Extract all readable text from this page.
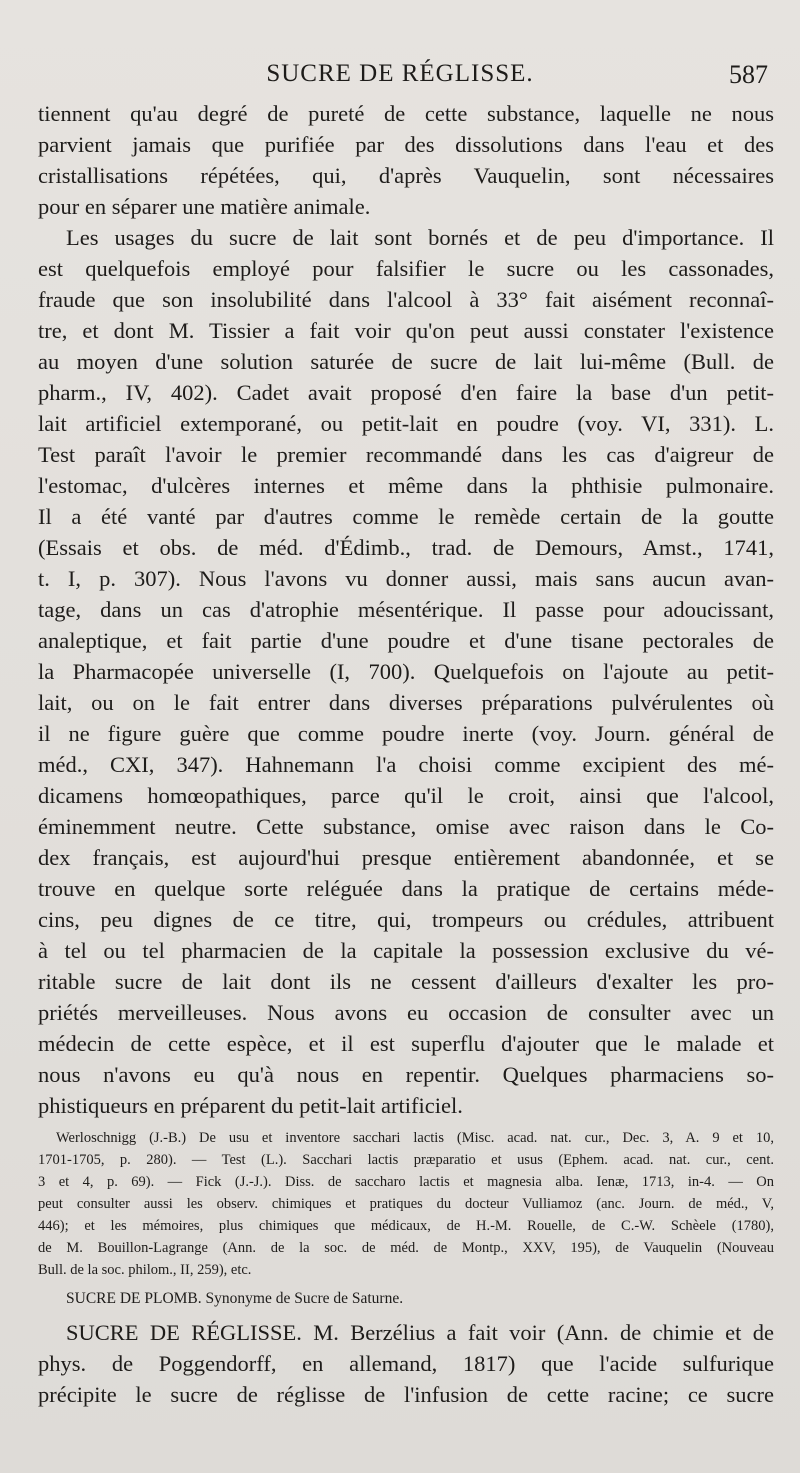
SUCRE DE RÉGLISSE.	587
tiennent qu'au degré de pureté de cette substance, laquelle ne nous
parvient jamais que purifiée par des dissolutions dans l'eau et des
cristallisations répétées, qui, d'après Vauquelin, sont nécessaires
pour en séparer une matière animale.
Les usages du sucre de lait sont bornés et de peu d'importance. Il
est quelquefois employé pour falsifier le sucre ou les cassonades,
fraude que son insolubilité dans l'alcool à 33° fait aisément reconnaî-
tre, et dont M. Tissier a fait voir qu'on peut aussi constater l'existence
au moyen d'une solution saturée de sucre de lait lui-même (Bull. de
pharm., IV, 402). Cadet avait proposé d'en faire la base d'un petit-
lait artificiel extemporané, ou petit-lait en poudre (voy. VI, 331). L.
Test paraît l'avoir le premier recommandé dans les cas d'aigreur de
l'estomac, d'ulcères internes et même dans la phthisie pulmonaire.
Il a été vanté par d'autres comme le remède certain de la goutte
(Essais et obs. de méd. d'Édimb., trad. de Demours, Amst., 1741,
t. I, p. 307). Nous l'avons vu donner aussi, mais sans aucun avan-
tage, dans un cas d'atrophie mésentérique. Il passe pour adoucissant,
analeptique, et fait partie d'une poudre et d'une tisane pectorales de
la Pharmacopée universelle (I, 700). Quelquefois on l'ajoute au petit-
lait, ou on le fait entrer dans diverses préparations pulvérulentes où
il ne figure guère que comme poudre inerte (voy. Journ. général de
méd., CXI, 347). Hahnemann l'a choisi comme excipient des mé-
dicamens homœopathiques, parce qu'il le croit, ainsi que l'alcool,
éminemment neutre. Cette substance, omise avec raison dans le Co-
dex français, est aujourd'hui presque entièrement abandonnée, et se
trouve en quelque sorte reléguée dans la pratique de certains méde-
cins, peu dignes de ce titre, qui, trompeurs ou crédules, attribuent
à tel ou tel pharmacien de la capitale la possession exclusive du vé-
ritable sucre de lait dont ils ne cessent d'ailleurs d'exalter les pro-
priétés merveilleuses. Nous avons eu occasion de consulter avec un
médecin de cette espèce, et il est superflu d'ajouter que le malade et
nous n'avons eu qu'à nous en repentir. Quelques pharmaciens so-
phistiqueurs en préparent du petit-lait artificiel.
Werloschnigg (J.-B.) De usu et inventore sacchari lactis (Misc. acad. nat. cur., Dec. 3, A. 9 et 10,
1701-1705, p. 280). — Test (L.). Sacchari lactis præparatio et usus (Ephem. acad. nat. cur., cent.
3 et 4, p. 69). — Fick (J.-J.). Diss. de saccharo lactis et magnesia alba. Ienæ, 1713, in-4. — On
peut consulter aussi les observ. chimiques et pratiques du docteur Vulliamoz (anc. Journ. de méd., V,
446); et les mémoires, plus chimiques que médicaux, de H.-M. Rouelle, de C.-W. Schèele (1780),
de M. Bouillon-Lagrange (Ann. de la soc. de méd. de Montp., XXV, 195), de Vauquelin (Nouveau
Bull. de la soc. philom., II, 259), etc.
SUCRE DE PLOMB. Synonyme de Sucre de Saturne.
SUCRE DE RÉGLISSE. M. Berzélius a fait voir (Ann. de chimie et de
phys. de Poggendorff, en allemand, 1817) que l'acide sulfurique
précipite le sucre de réglisse de l'infusion de cette racine; ce sucre
